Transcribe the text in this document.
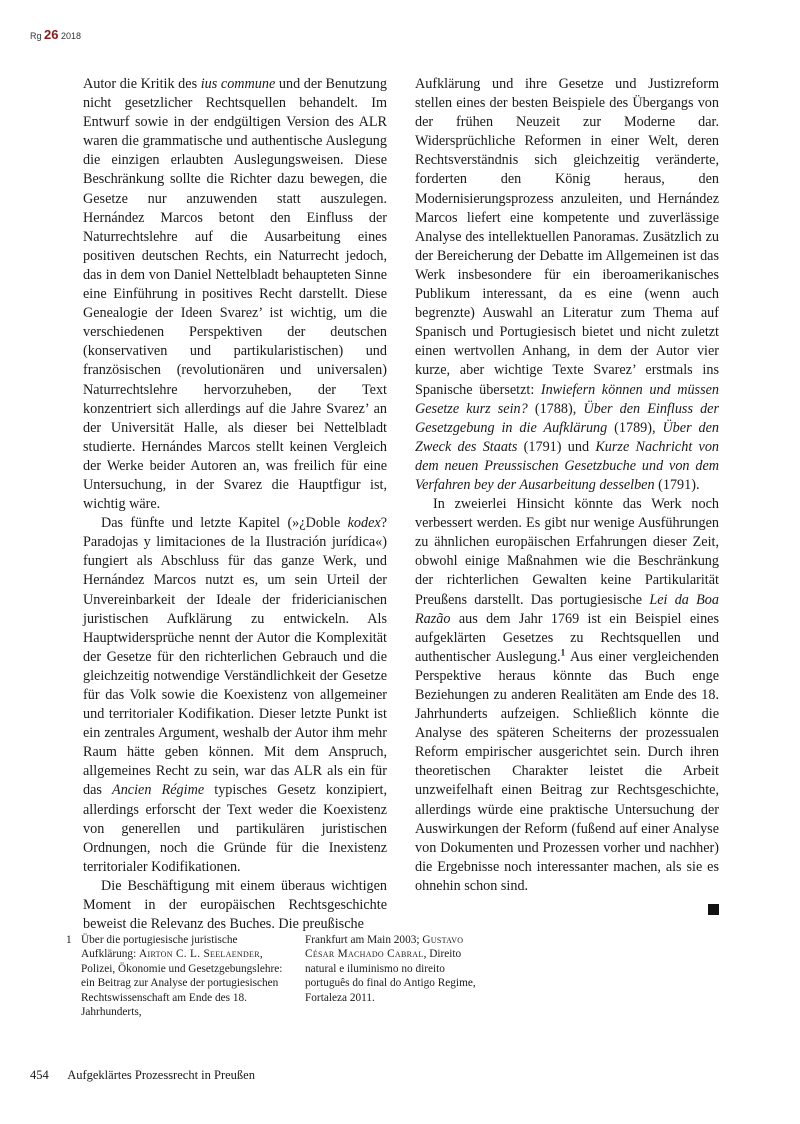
Rg 26 2018

Autor die Kritik des ius commune und der Benutzung nicht gesetzlicher Rechtsquellen behandelt. Im Entwurf sowie in der endgültigen Version des ALR waren die grammatische und authentische Auslegung die einzigen erlaubten Auslegungsweisen. Diese Beschränkung sollte die Richter dazu bewegen, die Gesetze nur anzuwenden statt auszulegen. Hernández Marcos betont den Einfluss der Naturrechtslehre auf die Ausarbeitung eines positiven deutschen Rechts, ein Naturrecht jedoch, das in dem von Daniel Nettelbladt behaupteten Sinne eine Einführung in positives Recht darstellt. Diese Genealogie der Ideen Svarez’ ist wichtig, um die verschiedenen Perspektiven der deutschen (konservativen und partikularistischen) und französischen (revolutionären und universalen) Naturrechtslehre hervorzuheben, der Text konzentriert sich allerdings auf die Jahre Svarez’ an der Universität Halle, als dieser bei Nettelbladt studierte. Hernándes Marcos stellt keinen Vergleich der Werke beider Autoren an, was freilich für eine Untersuchung, in der Svarez die Hauptfigur ist, wichtig wäre.

Das fünfte und letzte Kapitel (»¿Doble kodex? Paradojas y limitaciones de la Ilustración jurídica«) fungiert als Abschluss für das ganze Werk, und Hernández Marcos nutzt es, um sein Urteil der Unvereinbarkeit der Ideale der fridericianischen juristischen Aufklärung zu entwickeln. Als Hauptwidersprüche nennt der Autor die Komplexität der Gesetze für den richterlichen Gebrauch und die gleichzeitig notwendige Verständlichkeit der Gesetze für das Volk sowie die Koexistenz von allgemeiner und territorialer Kodifikation. Dieser letzte Punkt ist ein zentrales Argument, weshalb der Autor ihm mehr Raum hätte geben können. Mit dem Anspruch, allgemeines Recht zu sein, war das ALR als ein für das Ancien Régime typisches Gesetz konzipiert, allerdings erforscht der Text weder die Koexistenz von generellen und partikulären juristischen Ordnungen, noch die Gründe für die Inexistenz territorialer Kodifikationen.

Die Beschäftigung mit einem überaus wichtigen Moment in der europäischen Rechtsgeschichte beweist die Relevanz des Buches. Die preußische

Aufklärung und ihre Gesetze und Justizreform stellen eines der besten Beispiele des Übergangs von der frühen Neuzeit zur Moderne dar. Widersprüchliche Reformen in einer Welt, deren Rechtsverständnis sich gleichzeitig veränderte, forderten den König heraus, den Modernisierungsprozess anzuleiten, und Hernández Marcos liefert eine kompetente und zuverlässige Analyse des intellektuellen Panoramas. Zusätzlich zu der Bereicherung der Debatte im Allgemeinen ist das Werk insbesondere für ein iberoamerikanisches Publikum interessant, da es eine (wenn auch begrenzte) Auswahl an Literatur zum Thema auf Spanisch und Portugiesisch bietet und nicht zuletzt einen wertvollen Anhang, in dem der Autor vier kurze, aber wichtige Texte Svarez’ erstmals ins Spanische übersetzt: Inwiefern können und müssen Gesetze kurz sein? (1788), Über den Einfluss der Gesetzgebung in die Aufklärung (1789), Über den Zweck des Staats (1791) und Kurze Nachricht von dem neuen Preussischen Gesetzbuche und von dem Verfahren bey der Ausarbeitung desselben (1791).

In zweierlei Hinsicht könnte das Werk noch verbessert werden. Es gibt nur wenige Ausführungen zu ähnlichen europäischen Erfahrungen dieser Zeit, obwohl einige Maßnahmen wie die Beschränkung der richterlichen Gewalten keine Partikularität Preußens darstellt. Das portugiesische Lei da Boa Razão aus dem Jahr 1769 ist ein Beispiel eines aufgeklärten Gesetzes zu Rechtsquellen und authentischer Auslegung.$^1$ Aus einer vergleichenden Perspektive heraus könnte das Buch enge Beziehungen zu anderen Realitäten am Ende des 18. Jahrhunderts aufzeigen. Schließlich könnte die Analyse des späteren Scheiterns der prozessualen Reform empirischer ausgerichtet sein. Durch ihren theoretischen Charakter leistet die Arbeit unzweifelhaft einen Beitrag zur Rechtsgeschichte, allerdings würde eine praktische Untersuchung der Auswirkungen der Reform (fußend auf einer Analyse von Dokumenten und Prozessen vorher und nachher) die Ergebnisse noch interessanter machen, als sie es ohnehin schon sind.

1 Über die portugiesische juristische Aufklärung: Airton C. L. Seelaender, Polizei, Ökonomie und Gesetzgebungslehre: ein Beitrag zur Analyse der portugiesischen Rechtswissenschaft am Ende des 18. Jahrhunderts,
Frankfurt am Main 2003; Gustavo César Machado Cabral, Direito natural e iluminismo no direito português do final do Antigo Regime, Fortaleza 2011.
454 Aufgeklärtes Prozessrecht in Preußen
